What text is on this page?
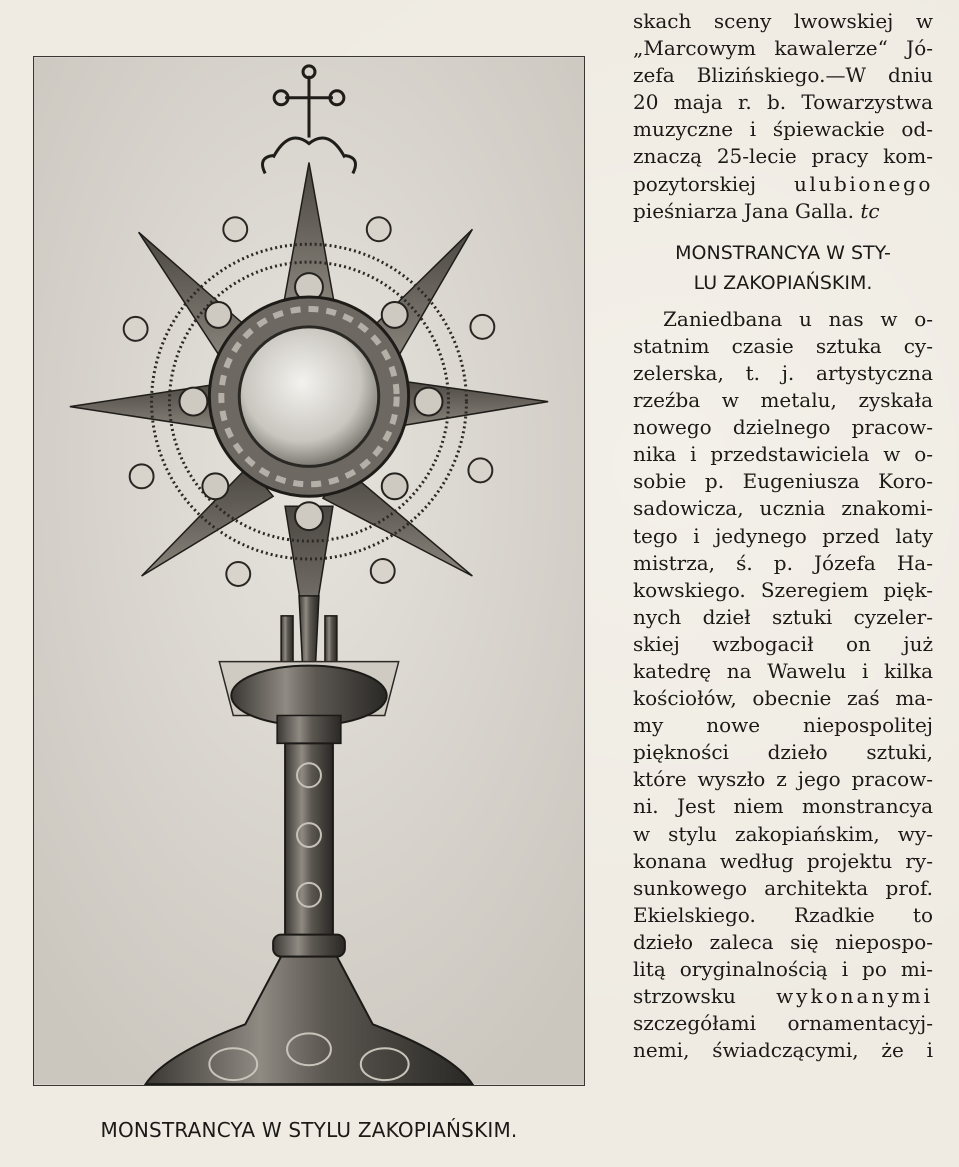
MONSTRANCYA W STYLU ZAKOPIAŃSKIM.
skach sceny lwowskiej w
„Marcowym kawalerze“ Jó-
zefa Blizińskiego.—W dniu
20 maja r. b. Towarzystwa
muzyczne i śpiewackie od-
znaczą 25-lecie pracy kom-
pozytorskiej ulubionego
pieśniarza Jana Galla. tc
MONSTRANCYA W STY-
LU ZAKOPIAŃSKIM.
Zaniedbana u nas w o-
statnim czasie sztuka cy-
zelerska, t. j. artystyczna
rzeźba w metalu, zyskała
nowego dzielnego pracow-
nika i przedstawiciela w o-
sobie p. Eugeniusza Koro-
sadowicza, ucznia znakomi-
tego i jedynego przed laty
mistrza, ś. p. Józefa Ha-
kowskiego. Szeregiem pięk-
nych dzieł sztuki cyzeler-
skiej wzbogacił on już
katedrę na Wawelu i kilka
kościołów, obecnie zaś ma-
my nowe niepospolitej
piękności dzieło sztuki,
które wyszło z jego pracow-
ni. Jest niem monstrancya
w stylu zakopiańskim, wy-
konana według projektu ry-
sunkowego architekta prof.
Ekielskiego. Rzadkie to
dzieło zaleca się niepospo-
litą oryginalnością i po mi-
strzowsku wykonanymi
szczegółami ornamentacyj-
nemi, świadczącymi, że i
